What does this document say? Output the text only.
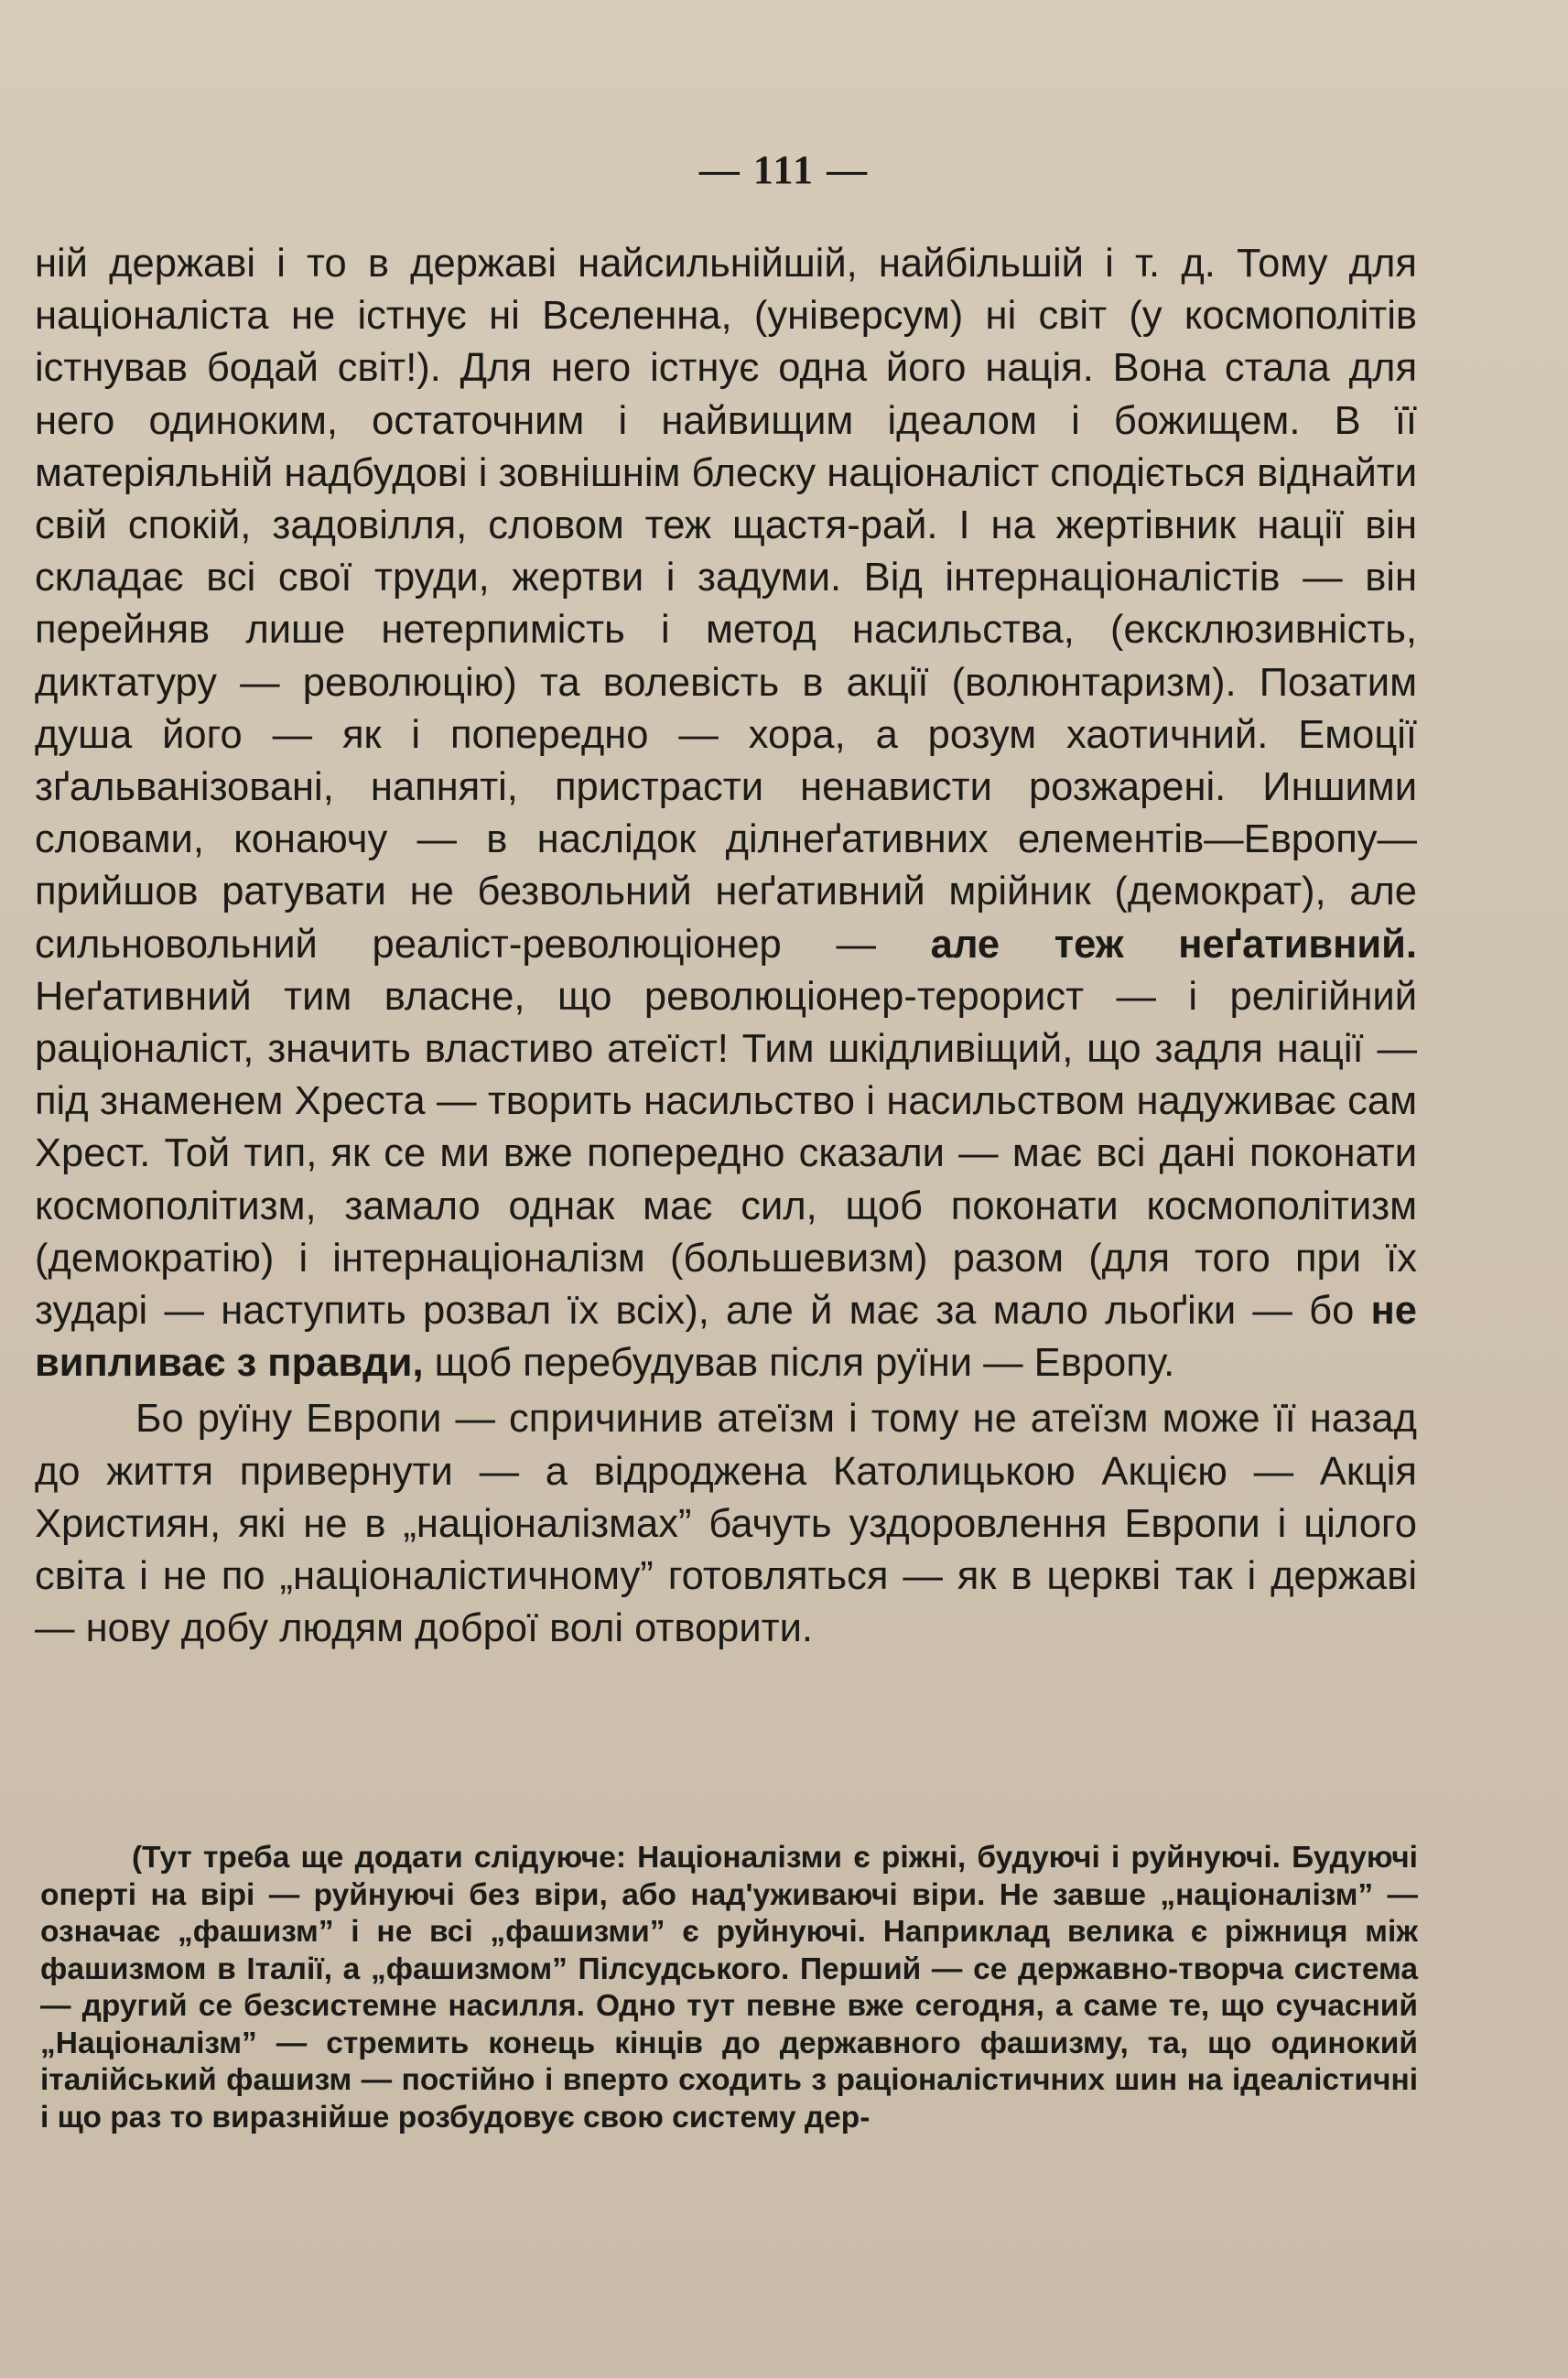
— 111 —

ній державі і то в державі найсильнійшій, найбільшій і т. д. Тому для націоналіста не істнує ні Вселенна, (універсум) ні світ (у космополітів істнував бодай світ!). Для него істнує одна його нація. Вона стала для него одиноким, остаточним і найвищим ідеалом і божищем. В її матеріяльній надбудові і зовнішнім блеску націоналіст сподіється віднайти свій спокій, задовілля, словом теж щастя-рай. І на жертівник нації він складає всі свої труди, жертви і задуми. Від інтернаціоналістів — він перейняв лише нетерпимість і метод насильства, (ексклюзивність, диктатуру — революцію) та волевість в акції (волюнтаризм). Позатим душа його — як і попередно — хора, а розум хаотичний. Емоції зґальванізовані, напняті, пристрасти ненависти розжарені. Иншими словами, конаючу — в наслідок ділнеґативних елементів—Европу—прийшов ратувати не безвольний неґативний мрійник (демократ), але сильновольний реаліст-революціонер — але теж неґативний. Неґативний тим власне, що революціонер-терорист — і релігійний раціоналіст, значить властиво атеїст! Тим шкідливіщий, що задля нації — під знаменем Хреста — творить насильство і насильством надуживає сам Хрест. Той тип, як се ми вже попередно сказали — має всі дані поконати космополітизм, замало однак має сил, щоб поконати космополітизм (демократію) і інтернаціоналізм (большевизм) разом (для того при їх зударі — наступить розвал їх всіх), але й має за мало льоґіки — бо не випливає з правди, щоб перебудував після руїни — Европу.

Бо руїну Европи — спричинив атеїзм і тому не атеїзм може її назад до життя привернути — а відроджена Католицькою Акцією — Акція Християн, які не в „націоналізмах” бачуть уздоровлення Европи і цілого світа і не по „націоналістичному” готовляться — як в церкві так і державі — нову добу людям доброї волі отворити.

(Тут треба ще додати слідуюче: Націоналізми є ріжні, будуючі і руйнуючі. Будуючі оперті на вірі — руйнуючі без віри, або над'уживаючі віри. Не завше „націоналізм” — означає „фашизм” і не всі „фашизми” є руйнуючі. Наприклад велика є ріжниця між фашизмом в Італії, а „фашизмом” Пілсудського. Перший — се державно-творча система — другий се безсистемне насилля. Одно тут певне вже сегодня, а саме те, що сучасний „Націоналізм” — стремить конець кінців до державного фашизму, та, що одинокий італійський фашизм — постійно і вперто сходить з раціоналістичних шин на ідеалістичні і що раз то виразнійше розбудовує свою систему дер-
